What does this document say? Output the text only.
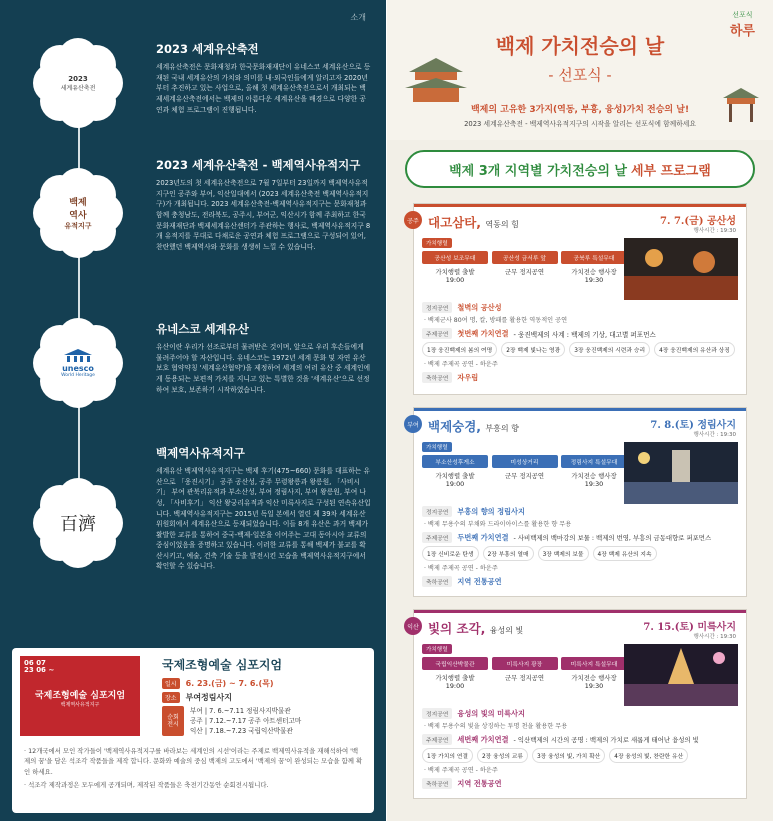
소개
2023
세계유산축전
백제
역사
유적지구
unesco
World Heritage
百濟
2023 세계유산축전

세계유산축전은 문화재청과 한국문화재재단이 유네스코 세계유산으로 등재된 국내 세계유산의 가치와 의미를 내·외국인들에게 알리고자 2020년부터 추진하고 있는 사업으로, 올해 첫 세계유산축전으로서 개최되는 백제세계유산축전에서는 백제의 아름다운 세계유산을 배경으로 다양한 공연과 체험 프로그램이 진행됩니다.

2023 세계유산축전 - 백제역사유적지구

2023년도의 첫 세계유산축전으로 7월 7일부터 23일까지 백제역사유적지구인 공주와 부여, 익산일대에서 (2023 세계유산축전 백제역사유적지구)가 개최됩니다. 2023 세계유산축전-백제역사유적지구는 문화재청과함께 충청남도, 전라북도, 공주시, 부여군, 익산시가 함께 주최하고 한국문화재재단과 백제세계유산센터가 주관하는 행사로, 백제역사유적지구 8개 유적지를 무대로 다채로운 공연과 체험 프로그램으로 구성되어 있어, 찬란했던 백제역사와 문화를 생생히 느낄 수 있습니다.

유네스코 세계유산

유산이란 우리가 선조로부터 물려받은 것이며, 앞으로 우리 후손들에게 물려주어야 할 자산입니다. 유네스코는 1972년 세계 문화 및 자연 유산 보호 협약약칭 '세계유산협약')을 제정하여 세계의 여러 유산 중 세계인에게 동용되는 보편적 가치를 지니고 있는 특별한 것을 '세계유산'으로 선정하여 보호, 보존하기 시작하였습니다.

백제역사유적지구

세계유산 백제역사유적지구는 백제 후기(475~660) 문화를 대표하는 유산으로 「웅진시기」 공주 공산성, 공주 무령왕릉과 왕릉원, 「사비시기」 부여 관북리유적과 부소산성, 부여 정림사지, 부여 왕릉원, 부여 나성, 「사비후기」 익산 왕궁리유적과 익산 미륵사지로 구성된 연속유산입니다. 백제역사유적지구는 2015년 독일 본에서 열린 제 39차 세계유산위원회에서 세계유산으로 등재되었습니다. 이들 8개 유산은 과거 백제가 활발한 교류를 통하여 중국-백제-일본을 이어주는 고대 동아시아 교류의 중심이었음을 증명하고 있습니다. 이러한 교류를 통해 백제가 불교를 확산시키고, 예술, 건축 기술 등을 발전시킨 모습을 백제역사유적지구에서 확인할 수 있습니다.

06 07
23 06 ~
국제조형예술 심포지엄
백제역사유적지구
국제조형예술 심포지엄
일시	6. 23.(금) ~ 7. 6.(목)
장소	부여정림사지
순회 전시
부여 | 7. 6.~7.11 정림사지박물관
공주 | 7.12.~7.17 공주 아트센터고마
익산 | 7.18.~7.23 국립익산박물관
· 12개국에서 모인 작가들이 '백제역사유적지구를 바라보는 세계인의 시선'이라는 주제로 백제역사유적을 재해석하여 '백제의 꿈'을 담은 석조각 작품들을 제작 합니다. 문화와 예술의 중심 백제의 고도에서 '백제의 꿈'이 완성되는 모습을 함께 확인 하세요.
· 석조각 제작과정은 모두에게 공개되며, 제작된 작품들은 축전기간동안 순회전시됩니다.
선포식
하루
백제 가치전승의 날
- 선포식 -
백제의 고유한 3가지(역동, 부흥, 융성)가치 전승의 날!
2023 세계유산축전 - 백제역사유적지구의 시작을 알리는 선포식에 함께하세요
백제 3개 지역별 가치전승의 날 세부 프로그램
공주 대고삼타, 역동의 힘	7. 7.(금) 공산성
행사시간 : 19:30
가치행렬
공산성 보조무대
가치행렬 출발
19:00
공산성 금서루 앞
군무 정지공연
공북루 특설무대
가치전승 행사장
19:30
정지공연	철벽의 공산성
· 백제군사 80여 명, 칼, 방패를 활용한 역동적인 공연
주제공연	첫번째 가치연결 - 웅진백제의 사계 : 백제의 기상, 대고별 퍼포먼스
1장 웅진백제의 봄의 여명	2장 백제 빛나는 영광	3장 웅진백제의 시련과 승리	4장 웅진백제의 유산과 상징
· 백제 주제곡 공연 - 하운주
축하공연	자우림
부여 백제숭경, 부흥의 향	7. 8.(토) 정림사지
행사시간 : 19:30
가치행렬
부소산성후게소
가치행렬 출발
19:00
미성상거리
군무 정지공연
정림사지 특설무대
가치전승 행사장
19:30
정지공연	부흥의 향의 정림사지
· 백제 무용수의 부채와 드라이아이스를 활용한 향 무용
주제공연	두번째 가치연결 - 사비백제의 백마강의 보물 : 백제의 번영, 부흥의 금동대향로 퍼포먼스
1장 신비로운 탄생	2장 부흥의 열매	3장 백제의 보물	4장 백제 유산의 지속
· 백제 주제곡 공연 - 하운주
축하공연	지역 전통공연
익산 빛의 조각, 융성의 빛	7. 15.(토) 미륵사지
행사시간 : 19:30
가치행렬
국립익산박물관
가치행렬 출발
19:00
미륵사지 광장
군무 정지공연
미륵사지 특설무대
가치전승 행사장
19:30
정지공연	융성의 빛의 미륵사지
· 백제 무용수의 빛을 상징하는 투명 천을 활용한 무용
주제공연	세번째 가치연결 - 익산백제의 시간의 공명 : 백제의 가치로 새롭게 태어난 융성의 빛
1장 가치의 연결	2장 융성의 교류	3장 융성의 빛, 가치 확산	4장 융성의 빛, 찬란한 유산
· 백제 주제곡 공연 - 하운주
축하공연	지역 전통공연
